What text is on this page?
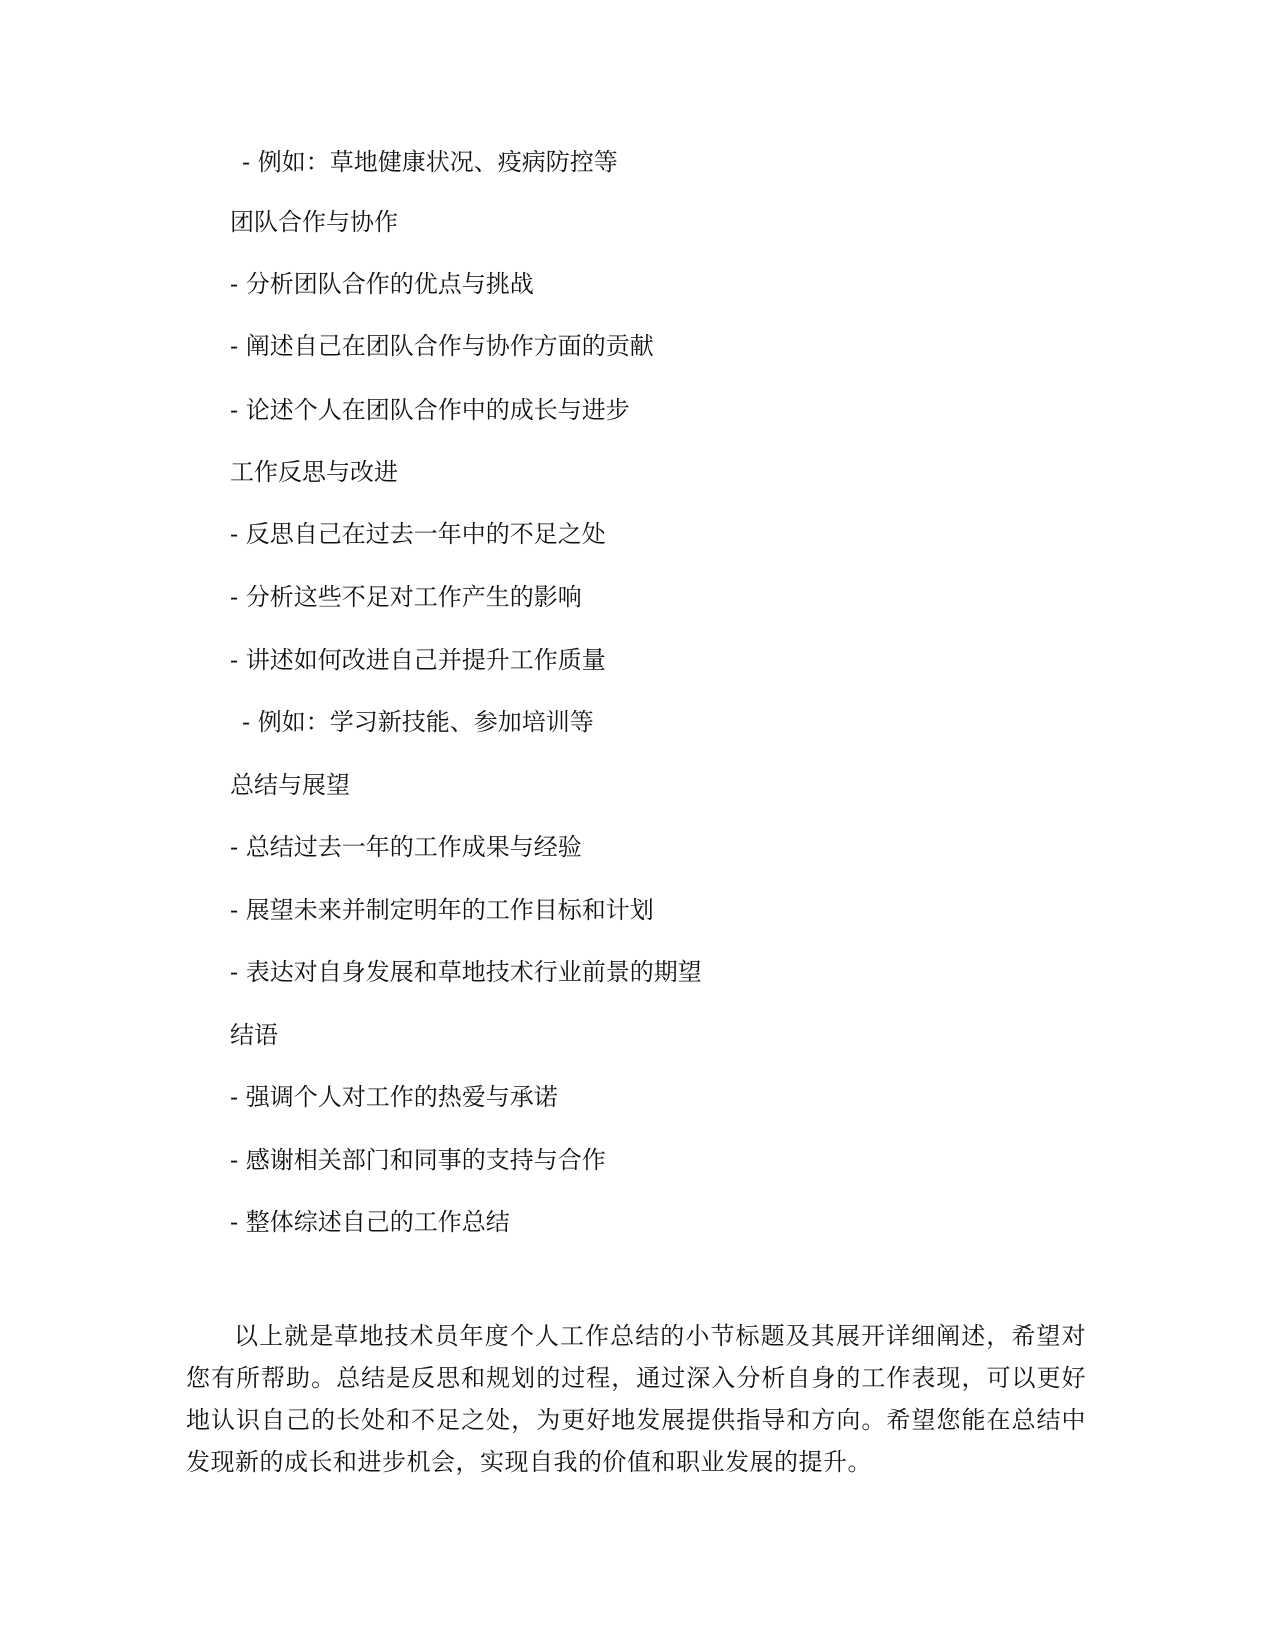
- 例如：草地健康状况、疫病防控等
团队合作与协作
- 分析团队合作的优点与挑战
- 阐述自己在团队合作与协作方面的贡献
- 论述个人在团队合作中的成长与进步
工作反思与改进
- 反思自己在过去一年中的不足之处
- 分析这些不足对工作产生的影响
- 讲述如何改进自己并提升工作质量
- 例如：学习新技能、参加培训等
总结与展望
- 总结过去一年的工作成果与经验
- 展望未来并制定明年的工作目标和计划
- 表达对自身发展和草地技术行业前景的期望
结语
- 强调个人对工作的热爱与承诺
- 感谢相关部门和同事的支持与合作
- 整体综述自己的工作总结
以上就是草地技术员年度个人工作总结的小节标题及其展开详细阐述，希望对您有所帮助。总结是反思和规划的过程，通过深入分析自身的工作表现，可以更好地认识自己的长处和不足之处，为更好地发展提供指导和方向。希望您能在总结中发现新的成长和进步机会，实现自我的价值和职业发展的提升。
